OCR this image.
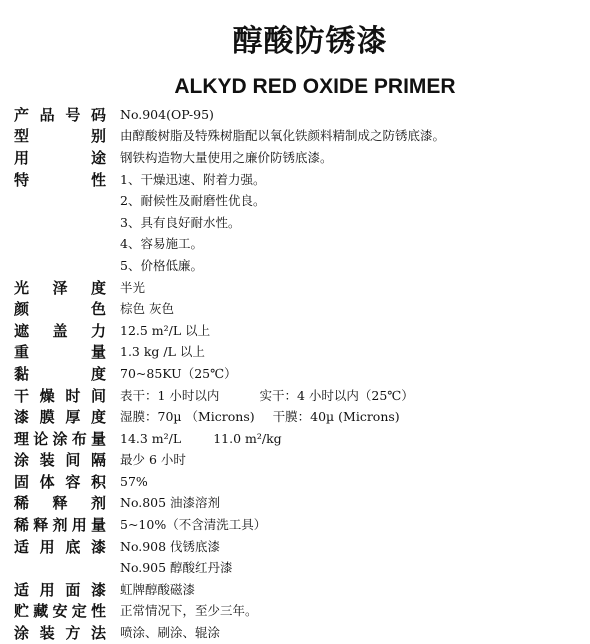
醇酸防锈漆
ALKYD RED OXIDE PRIMER
产 品 号 码 No.904(OP-95)
型	别 由醇酸树脂及特殊树脂配以氧化铁颜料精制成之防锈底漆。
用	途 钢铁构造物大量使用之廉价防锈底漆。
特	性 1、干燥迅速、附着力强。
2、耐候性及耐磨性优良。
3、具有良好耐水性。
4、容易施工。
5、价格低廉。
光 泽 度 半光
颜	色 棕色 灰色
遮 盖 力 12.5 m²/L 以上
重	量 1.3 kg /L 以上
黏	度 70~85KU（25℃）
干 燥 时 间 表干：1 小时以内	实干：4 小时以内（25℃）
漆 膜 厚 度 湿膜：70µ （Microns) 干膜：40µ (Microns)
理 论 涂 布 量 14.3 m²/L	11.0 m²/kg
涂 装 间 隔 最少 6 小时
固 体 容 积 57%
稀 释 剂 No.805 油漆溶剂
稀 释 剂 用 量 5~10%（不含清洗工具）
适 用 底 漆 No.908 伐锈底漆
No.905 醇酸红丹漆
适 用 面 漆 虹牌醇酸磁漆
贮 藏 安 定 性 正常情况下，至少三年。
涂 装 方 法 喷涂、刷涂、辊涂
